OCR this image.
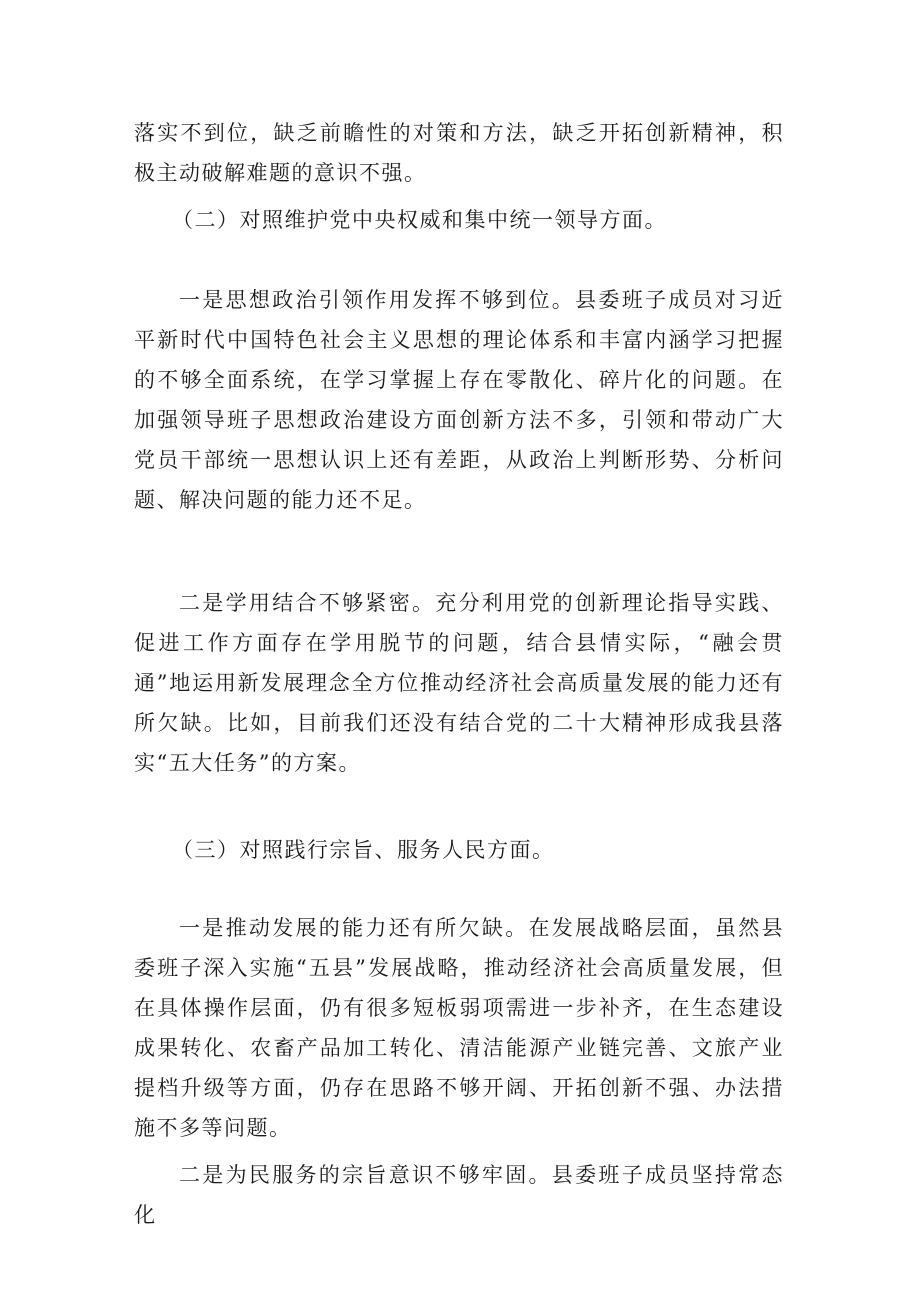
落实不到位，缺乏前瞻性的对策和方法，缺乏开拓创新精神，积极主动破解难题的意识不强。

（二）对照维护党中央权威和集中统一领导方面。

一是思想政治引领作用发挥不够到位。县委班子成员对习近平新时代中国特色社会主义思想的理论体系和丰富内涵学习把握的不够全面系统，在学习掌握上存在零散化、碎片化的问题。在加强领导班子思想政治建设方面创新方法不多，引领和带动广大党员干部统一思想认识上还有差距，从政治上判断形势、分析问题、解决问题的能力还不足。

二是学用结合不够紧密。充分利用党的创新理论指导实践、促进工作方面存在学用脱节的问题，结合县情实际，“融会贯通”地运用新发展理念全方位推动经济社会高质量发展的能力还有所欠缺。比如，目前我们还没有结合党的二十大精神形成我县落实“五大任务”的方案。

（三）对照践行宗旨、服务人民方面。

一是推动发展的能力还有所欠缺。在发展战略层面，虽然县委班子深入实施“五县”发展战略，推动经济社会高质量发展，但在具体操作层面，仍有很多短板弱项需进一步补齐，在生态建设成果转化、农畜产品加工转化、清洁能源产业链完善、文旅产业提档升级等方面，仍存在思路不够开阔、开拓创新不强、办法措施不多等问题。

二是为民服务的宗旨意识不够牢固。县委班子成员坚持常态化
